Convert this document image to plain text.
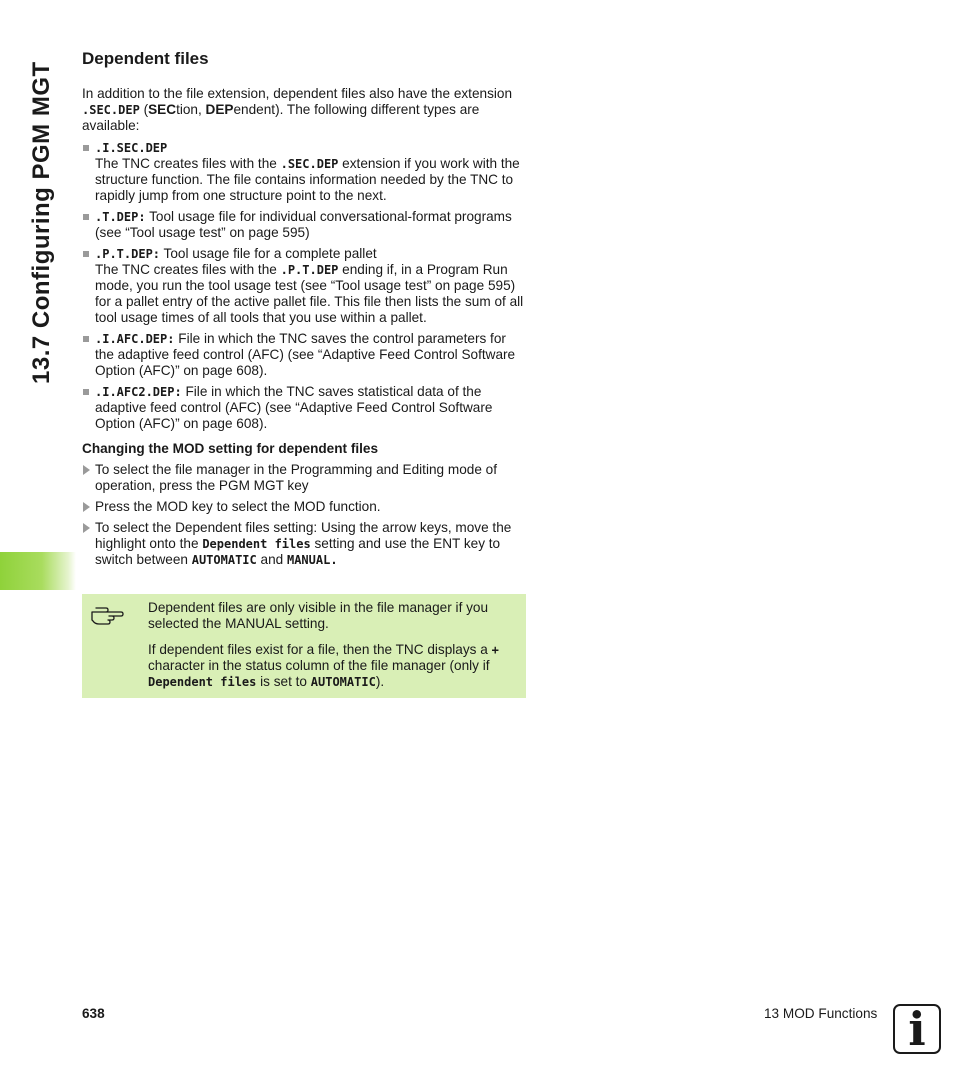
13.7 Configuring PGM MGT
Dependent files

In addition to the file extension, dependent files also have the extension .SEC.DEP (SECtion, DEPendent). The following different types are available:

.I.SEC.DEP
The TNC creates files with the .SEC.DEP extension if you work with the structure function. The file contains information needed by the TNC to rapidly jump from one structure point to the next.
.T.DEP: Tool usage file for individual conversational-format programs (see “Tool usage test” on page 595)
.P.T.DEP: Tool usage file for a complete pallet
The TNC creates files with the .P.T.DEP ending if, in a Program Run mode, you run the tool usage test (see “Tool usage test” on page 595) for a pallet entry of the active pallet file. This file then lists the sum of all tool usage times of all tools that you use within a pallet.
.I.AFC.DEP: File in which the TNC saves the control parameters for the adaptive feed control (AFC) (see “Adaptive Feed Control Software Option (AFC)” on page 608).
.I.AFC2.DEP: File in which the TNC saves statistical data of the adaptive feed control (AFC) (see “Adaptive Feed Control Software Option (AFC)” on page 608).
Changing the MOD setting for dependent files
To select the file manager in the Programming and Editing mode of operation, press the PGM MGT key
Press the MOD key to select the MOD function.
To select the Dependent files setting: Using the arrow keys, move the highlight onto the Dependent files setting and use the ENT key to switch between AUTOMATIC and MANUAL.

Dependent files are only visible in the file manager if you selected the MANUAL setting.

If dependent files exist for a file, then the TNC displays a + character in the status column of the file manager (only if Dependent files is set to AUTOMATIC).

638	13 MOD Functions i
